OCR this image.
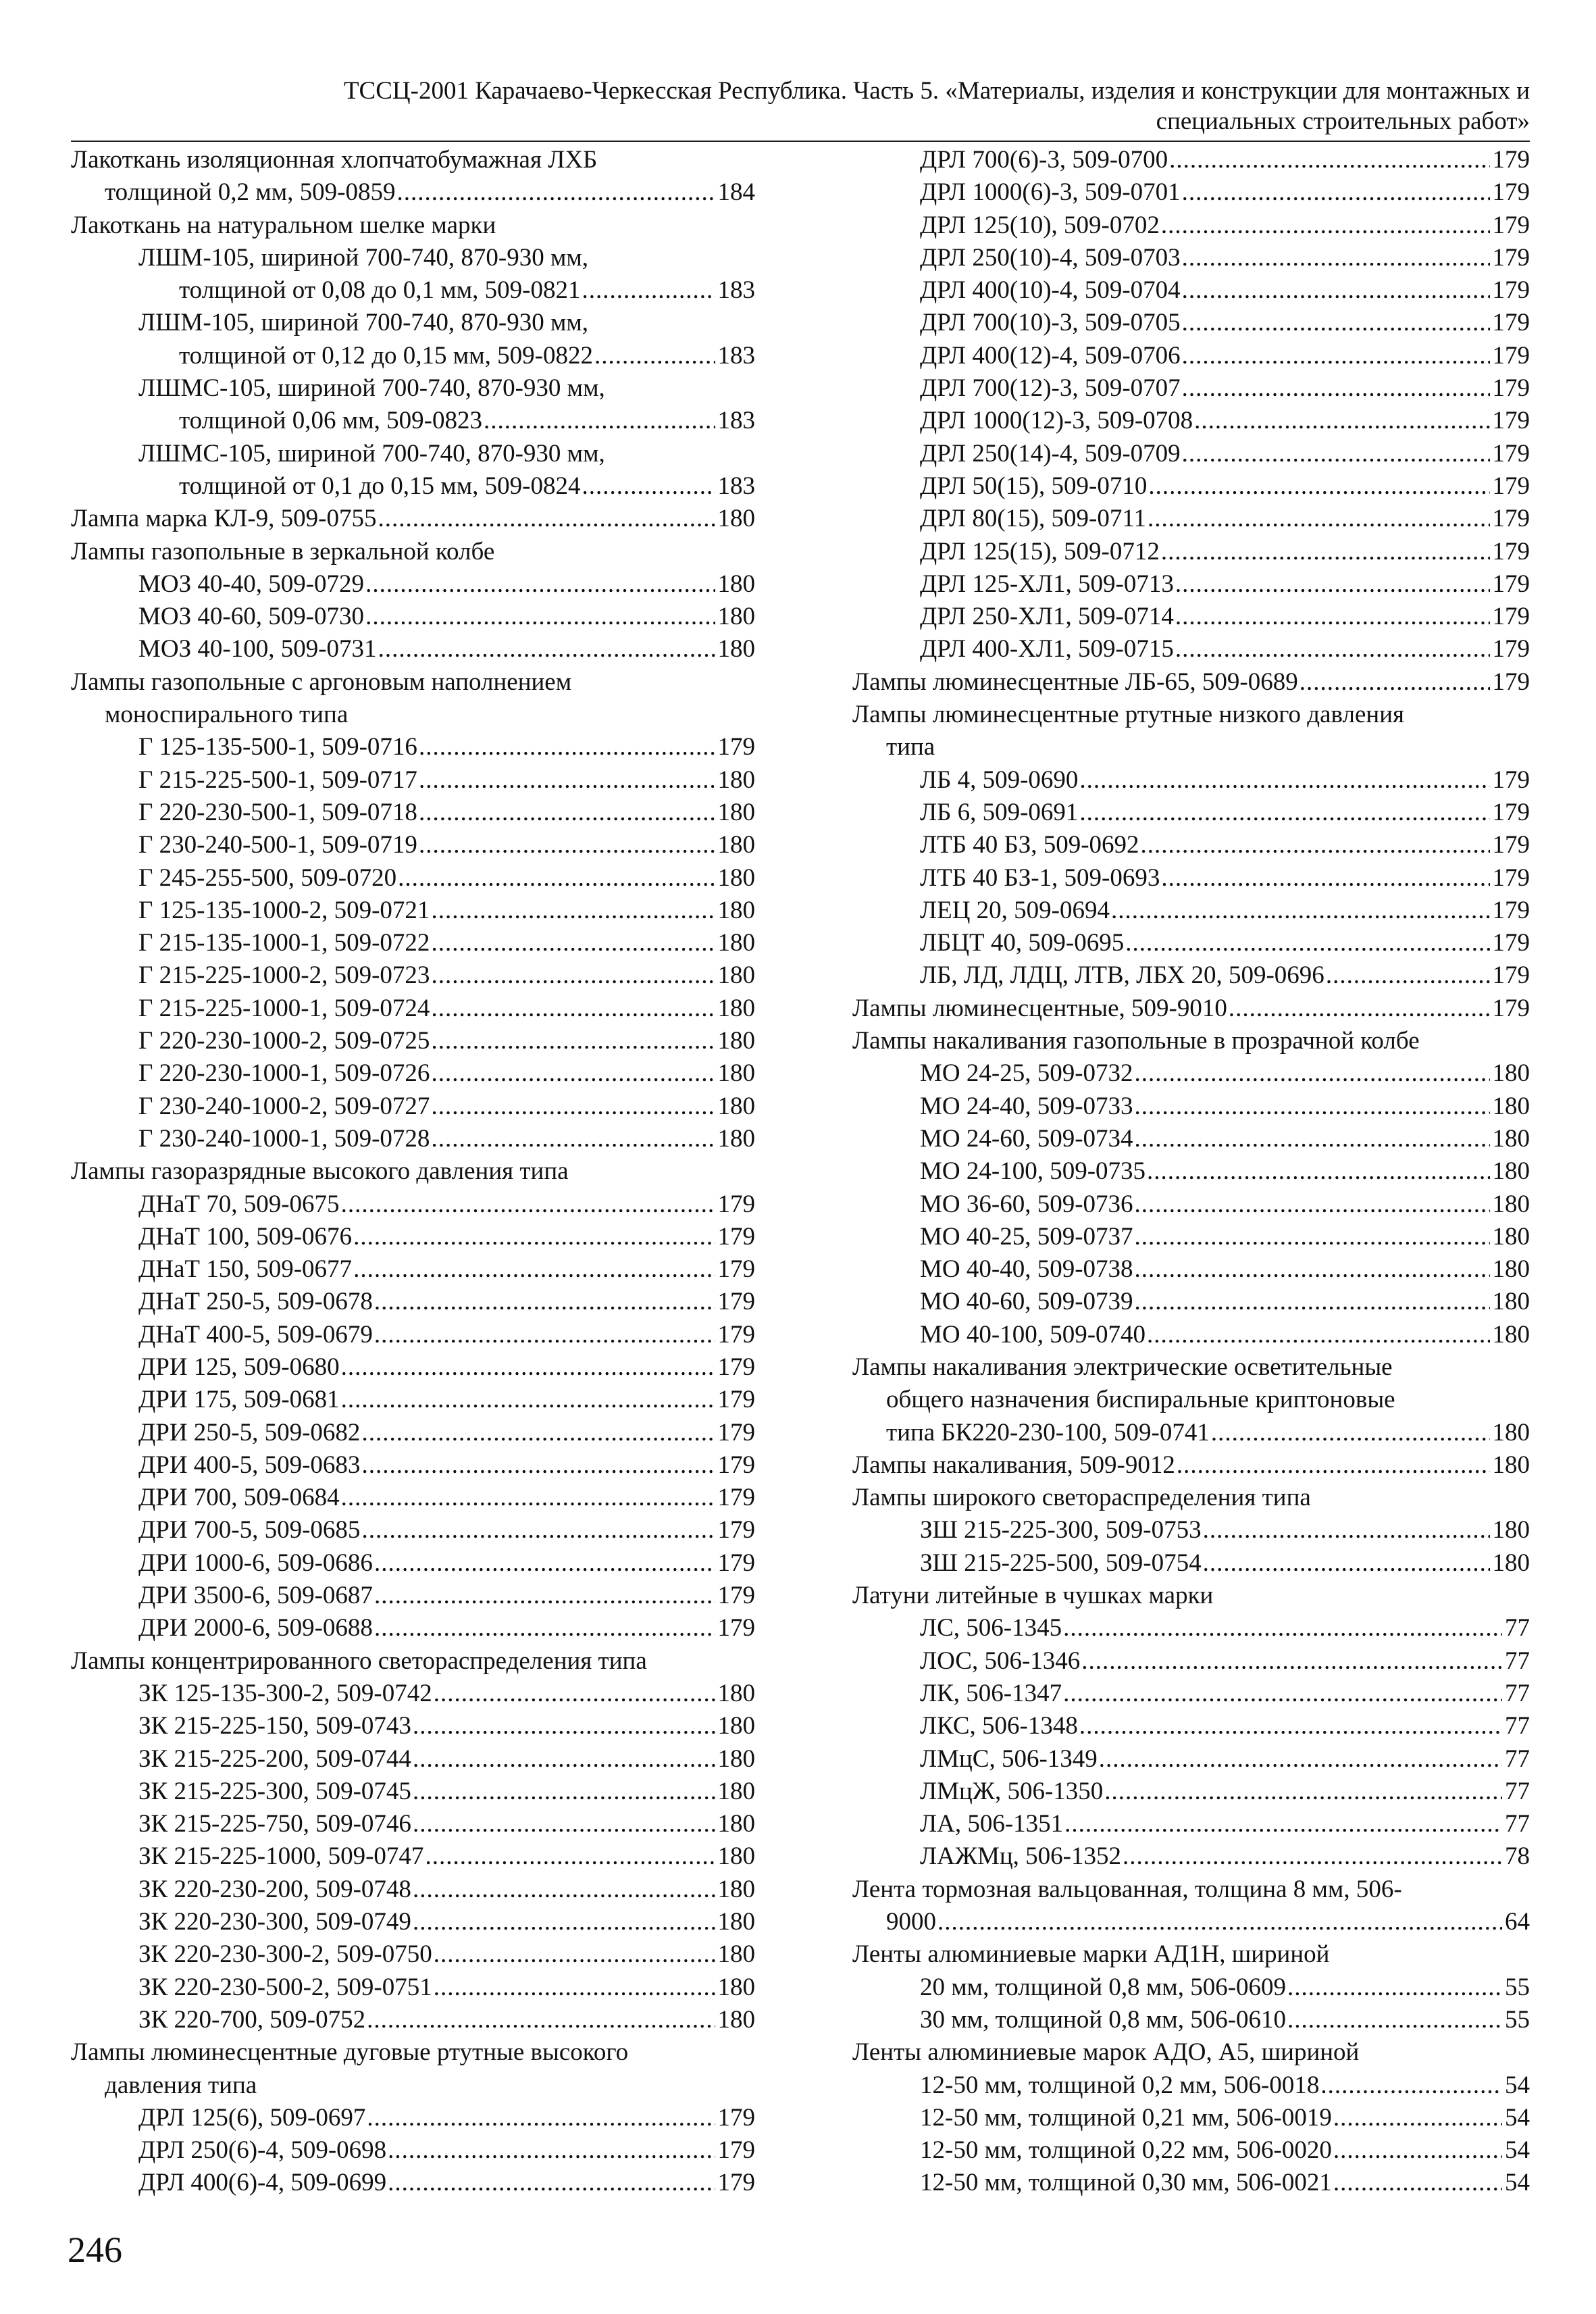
ТССЦ-2001 Карачаево-Черкесская Республика. Часть 5. «Материалы, изделия и конструкции для монтажных и
специальных строительных работ»
Лакоткань изоляционная хлопчатобумажная ЛХБ
толщиной 0,2 мм, 509-0859 .....	184
Лакоткань на натуральном шелке марки
ЛШМ-105, шириной 700-740, 870-930 мм,
толщиной от 0,08 до 0,1 мм, 509-0821 .....	183
ЛШМ-105, шириной 700-740, 870-930 мм,
толщиной от 0,12 до 0,15 мм, 509-0822 .....	183
ЛШМС-105, шириной 700-740, 870-930 мм,
толщиной 0,06 мм, 509-0823 .....	183
ЛШМС-105, шириной 700-740, 870-930 мм,
толщиной от 0,1 до 0,15 мм, 509-0824 .....	183
Лампа марка КЛ-9, 509-0755 .....	180
Лампы газопольные в зеркальной колбе
МОЗ 40-40, 509-0729 .....	180
МОЗ 40-60, 509-0730 .....	180
МОЗ 40-100, 509-0731 .....	180
Лампы газопольные с аргоновым наполнением
моноспирального типа
Г 125-135-500-1, 509-0716 .....	179
Г 215-225-500-1, 509-0717 .....	180
Г 220-230-500-1, 509-0718 .....	180
Г 230-240-500-1, 509-0719 .....	180
Г 245-255-500, 509-0720 .....	180
Г 125-135-1000-2, 509-0721 .....	180
Г 215-135-1000-1, 509-0722 .....	180
Г 215-225-1000-2, 509-0723 .....	180
Г 215-225-1000-1, 509-0724 .....	180
Г 220-230-1000-2, 509-0725 .....	180
Г 220-230-1000-1, 509-0726 .....	180
Г 230-240-1000-2, 509-0727 .....	180
Г 230-240-1000-1, 509-0728 .....	180
Лампы газоразрядные высокого давления типа
ДНаТ 70, 509-0675 .....	179
ДНаТ 100, 509-0676 .....	179
ДНаТ 150, 509-0677 .....	179
ДНаТ 250-5, 509-0678 .....	179
ДНаТ 400-5, 509-0679 .....	179
ДРИ 125, 509-0680 .....	179
ДРИ 175, 509-0681 .....	179
ДРИ 250-5, 509-0682 .....	179
ДРИ 400-5, 509-0683 .....	179
ДРИ 700, 509-0684 .....	179
ДРИ 700-5, 509-0685 .....	179
ДРИ 1000-6, 509-0686 .....	179
ДРИ 3500-6, 509-0687 .....	179
ДРИ 2000-6, 509-0688 .....	179
Лампы концентрированного светораспределения типа
ЗК 125-135-300-2, 509-0742 .....	180
ЗК 215-225-150, 509-0743 .....	180
ЗК 215-225-200, 509-0744 .....	180
ЗК 215-225-300, 509-0745 .....	180
ЗК 215-225-750, 509-0746 .....	180
ЗК 215-225-1000, 509-0747 .....	180
ЗК 220-230-200, 509-0748 .....	180
ЗК 220-230-300, 509-0749 .....	180
ЗК 220-230-300-2, 509-0750 .....	180
ЗК 220-230-500-2, 509-0751 .....	180
ЗК 220-700, 509-0752 .....	180
Лампы люминесцентные дуговые ртутные высокого
давления типа
ДРЛ 125(6), 509-0697 .....	179
ДРЛ 250(6)-4, 509-0698 .....	179
ДРЛ 400(6)-4, 509-0699 .....	179
ДРЛ 700(6)-3, 509-0700 .....	179
ДРЛ 1000(6)-3, 509-0701 .....	179
ДРЛ 125(10), 509-0702 .....	179
ДРЛ 250(10)-4, 509-0703 .....	179
ДРЛ 400(10)-4, 509-0704 .....	179
ДРЛ 700(10)-3, 509-0705 .....	179
ДРЛ 400(12)-4, 509-0706 .....	179
ДРЛ 700(12)-3, 509-0707 .....	179
ДРЛ 1000(12)-3, 509-0708 .....	179
ДРЛ 250(14)-4, 509-0709 .....	179
ДРЛ 50(15), 509-0710 .....	179
ДРЛ 80(15), 509-0711 .....	179
ДРЛ 125(15), 509-0712 .....	179
ДРЛ 125-ХЛ1, 509-0713 .....	179
ДРЛ 250-ХЛ1, 509-0714 .....	179
ДРЛ 400-ХЛ1, 509-0715 .....	179
Лампы люминесцентные ЛБ-65, 509-0689 .....	179
Лампы люминесцентные ртутные низкого давления
типа
ЛБ 4, 509-0690 .....	179
ЛБ 6, 509-0691 .....	179
ЛТБ 40 БЗ, 509-0692 .....	179
ЛТБ 40 БЗ-1, 509-0693 .....	179
ЛЕЦ 20, 509-0694 .....	179
ЛБЦТ 40, 509-0695 .....	179
ЛБ, ЛД, ЛДЦ, ЛТВ, ЛБХ 20, 509-0696 .....	179
Лампы люминесцентные, 509-9010 .....	179
Лампы накаливания газопольные в прозрачной колбе
МО 24-25, 509-0732 .....	180
МО 24-40, 509-0733 .....	180
МО 24-60, 509-0734 .....	180
МО 24-100, 509-0735 .....	180
МО 36-60, 509-0736 .....	180
МО 40-25, 509-0737 .....	180
МО 40-40, 509-0738 .....	180
МО 40-60, 509-0739 .....	180
МО 40-100, 509-0740 .....	180
Лампы накаливания электрические осветительные
общего назначения биспиральные криптоновые
типа БК220-230-100, 509-0741 .....	180
Лампы накаливания, 509-9012 .....	180
Лампы широкого светораспределения типа
ЗШ 215-225-300, 509-0753 .....	180
ЗШ 215-225-500, 509-0754 .....	180
Латуни литейные в чушках марки
ЛС, 506-1345 .....	77
ЛОС, 506-1346 .....	77
ЛК, 506-1347 .....	77
ЛКС, 506-1348 .....	77
ЛМцС, 506-1349 .....	77
ЛМцЖ, 506-1350 .....	77
ЛА, 506-1351 .....	77
ЛАЖМц, 506-1352 .....	78
Лента тормозная вальцованная, толщина 8 мм, 506-
9000 .....	64
Ленты алюминиевые марки АД1Н, шириной
20 мм, толщиной 0,8 мм, 506-0609 .....	55
30 мм, толщиной 0,8 мм, 506-0610 .....	55
Ленты алюминиевые марок АДО, А5, шириной
12-50 мм, толщиной 0,2 мм, 506-0018 .....	54
12-50 мм, толщиной 0,21 мм, 506-0019 .....	54
12-50 мм, толщиной 0,22 мм, 506-0020 .....	54
12-50 мм, толщиной 0,30 мм, 506-0021 .....	54
246
